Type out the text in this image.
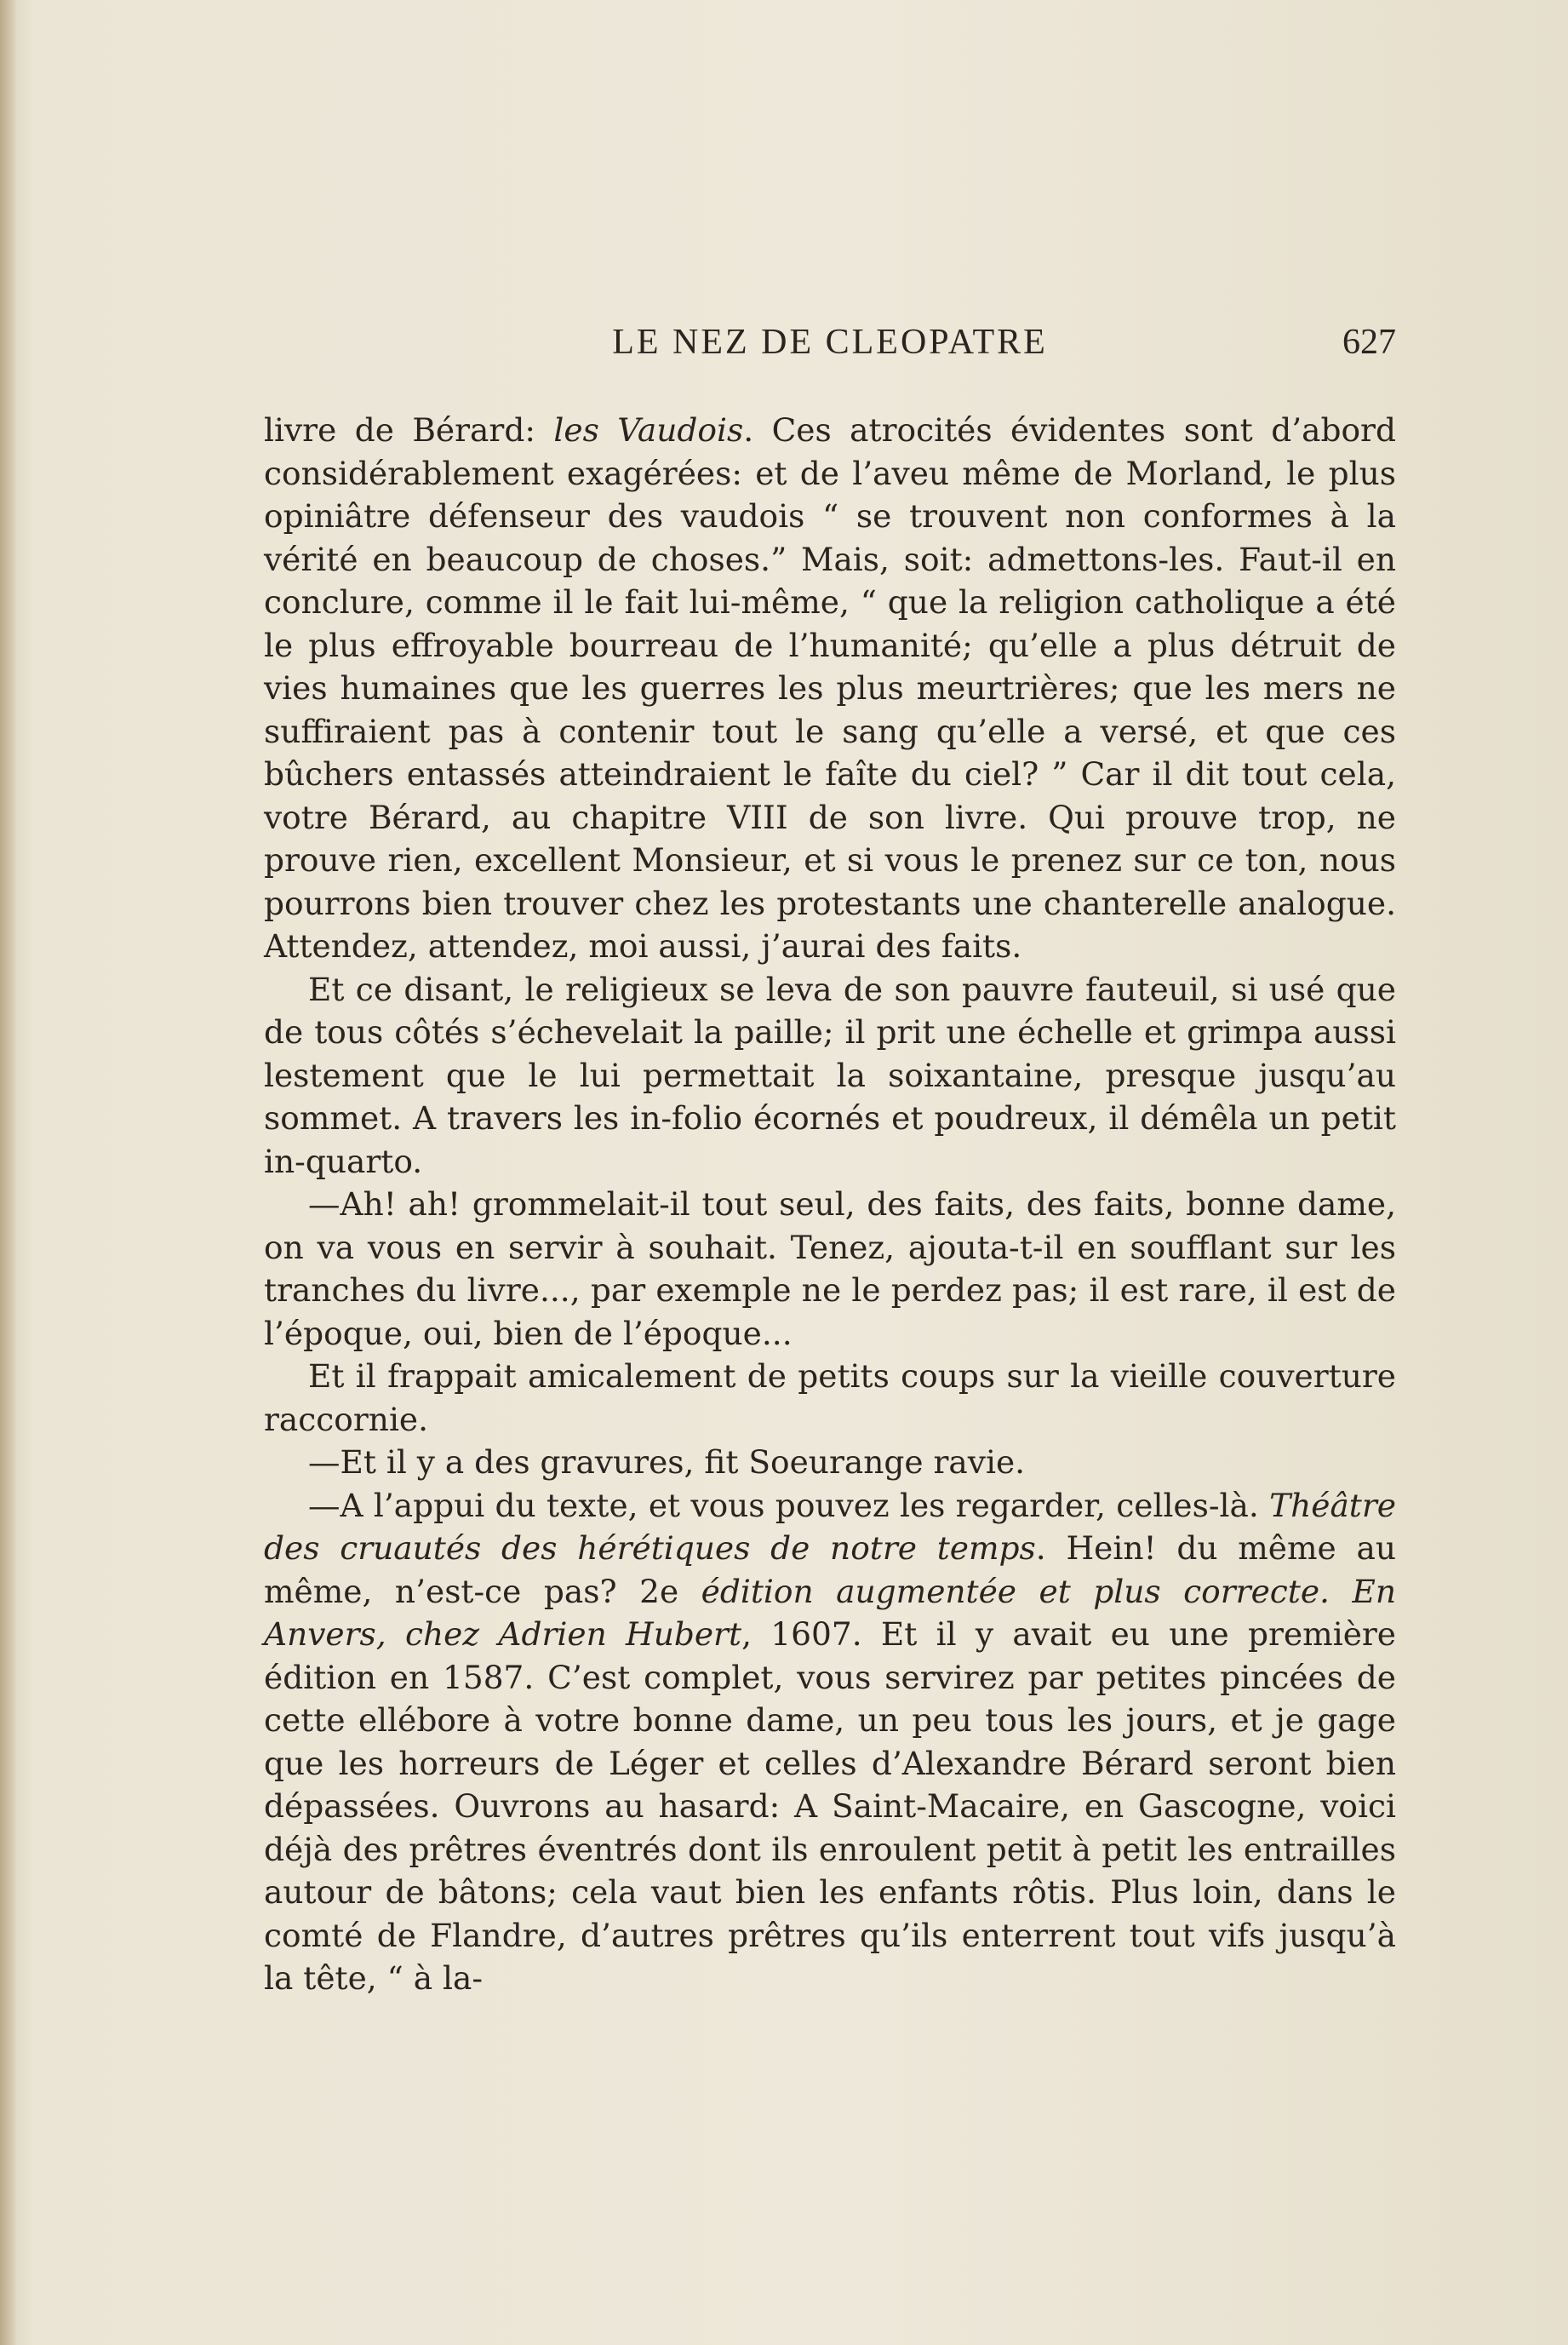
LE NEZ DE CLEOPATRE	627

livre de Bérard: les Vaudois. Ces atrocités évidentes sont d’abord considérablement exagérées: et de l’aveu même de Morland, le plus opiniâtre défenseur des vaudois “ se trouvent non conformes à la vérité en beaucoup de choses.” Mais, soit: admettons-les. Faut-il en conclure, comme il le fait lui-même, “ que la religion catholique a été le plus effroyable bourreau de l’humanité; qu’elle a plus détruit de vies humaines que les guerres les plus meurtrières; que les mers ne suffiraient pas à contenir tout le sang qu’elle a versé, et que ces bûchers entassés atteindraient le faîte du ciel? ” Car il dit tout cela, votre Bérard, au chapitre VIII de son livre. Qui prouve trop, ne prouve rien, excellent Monsieur, et si vous le prenez sur ce ton, nous pourrons bien trouver chez les protestants une chanterelle analogue. Attendez, attendez, moi aussi, j’aurai des faits.

Et ce disant, le religieux se leva de son pauvre fauteuil, si usé que de tous côtés s’échevelait la paille; il prit une échelle et grimpa aussi lestement que le lui permettait la soixantaine, presque jusqu’au sommet. A travers les in-folio écornés et poudreux, il démêla un petit in-quarto.

—Ah! ah! grommelait-il tout seul, des faits, des faits, bonne dame, on va vous en servir à souhait. Tenez, ajouta-t-il en soufflant sur les tranches du livre..., par exemple ne le perdez pas; il est rare, il est de l’époque, oui, bien de l’époque...

Et il frappait amicalement de petits coups sur la vieille couverture raccornie.

—Et il y a des gravures, fit Soeurange ravie.

—A l’appui du texte, et vous pouvez les regarder, celles-là. Théâtre des cruautés des hérétiques de notre temps. Hein! du même au même, n’est-ce pas? 2e édition augmentée et plus correcte. En Anvers, chez Adrien Hubert, 1607. Et il y avait eu une première édition en 1587. C’est complet, vous servirez par petites pincées de cette ellébore à votre bonne dame, un peu tous les jours, et je gage que les horreurs de Léger et celles d’Alexandre Bérard seront bien dépassées. Ouvrons au hasard: A Saint-Macaire, en Gascogne, voici déjà des prêtres éventrés dont ils enroulent petit à petit les entrailles autour de bâtons; cela vaut bien les enfants rôtis. Plus loin, dans le comté de Flandre, d’autres prêtres qu’ils enterrent tout vifs jusqu’à la tête, “ à la-
